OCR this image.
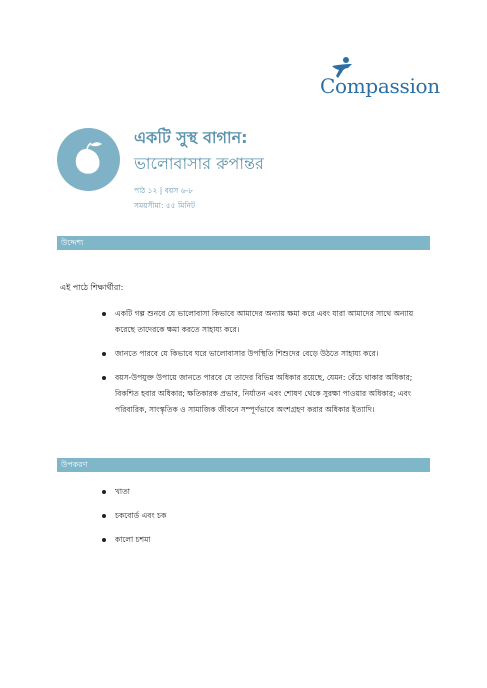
Compassion
একটি সুস্থ বাগান:
ভালোবাসার রুপান্তর
পাঠ ১২ | বয়স ৬-৮
সময়সীমা: ৫৫ মিনিট
উদ্দেশ্য
এই পাঠে শিক্ষার্থীরা:
একটি গল্প শুনবে যে ভালোবাসা কিভাবে আমাদের অন্যায় ক্ষমা করে এবং যারা আমাদের সাথে অন্যায় করেছে তাদেরকে ক্ষমা করতে সাহায্য করে।
জানতে পারবে যে কিভাবে ঘরে ভালোবাসার উপস্থিতি শিশুদের বেড়ে উঠতে সাহায্য করে।
বয়স-উপযুক্ত উপায়ে জানতে পারবে যে তাদের বিভিন্ন অধিকার রয়েছে, যেমন: বেঁচে থাকার অধিকার; বিকশিত হবার অধিকার; ক্ষতিকারক প্রভাব, নির্যাতন এবং শোষণ থেকে সুরক্ষা পাওয়ার অধিকার; এবং পরিবারিক, সাংস্কৃতিক ও সামাজিক জীবনে সম্পূর্ণভাবে অংশগ্রহণ করার অধিকার ইত্যাদি।
উপকরণ
খাতা
চকবোর্ড এবং চক
কালো চশমা
